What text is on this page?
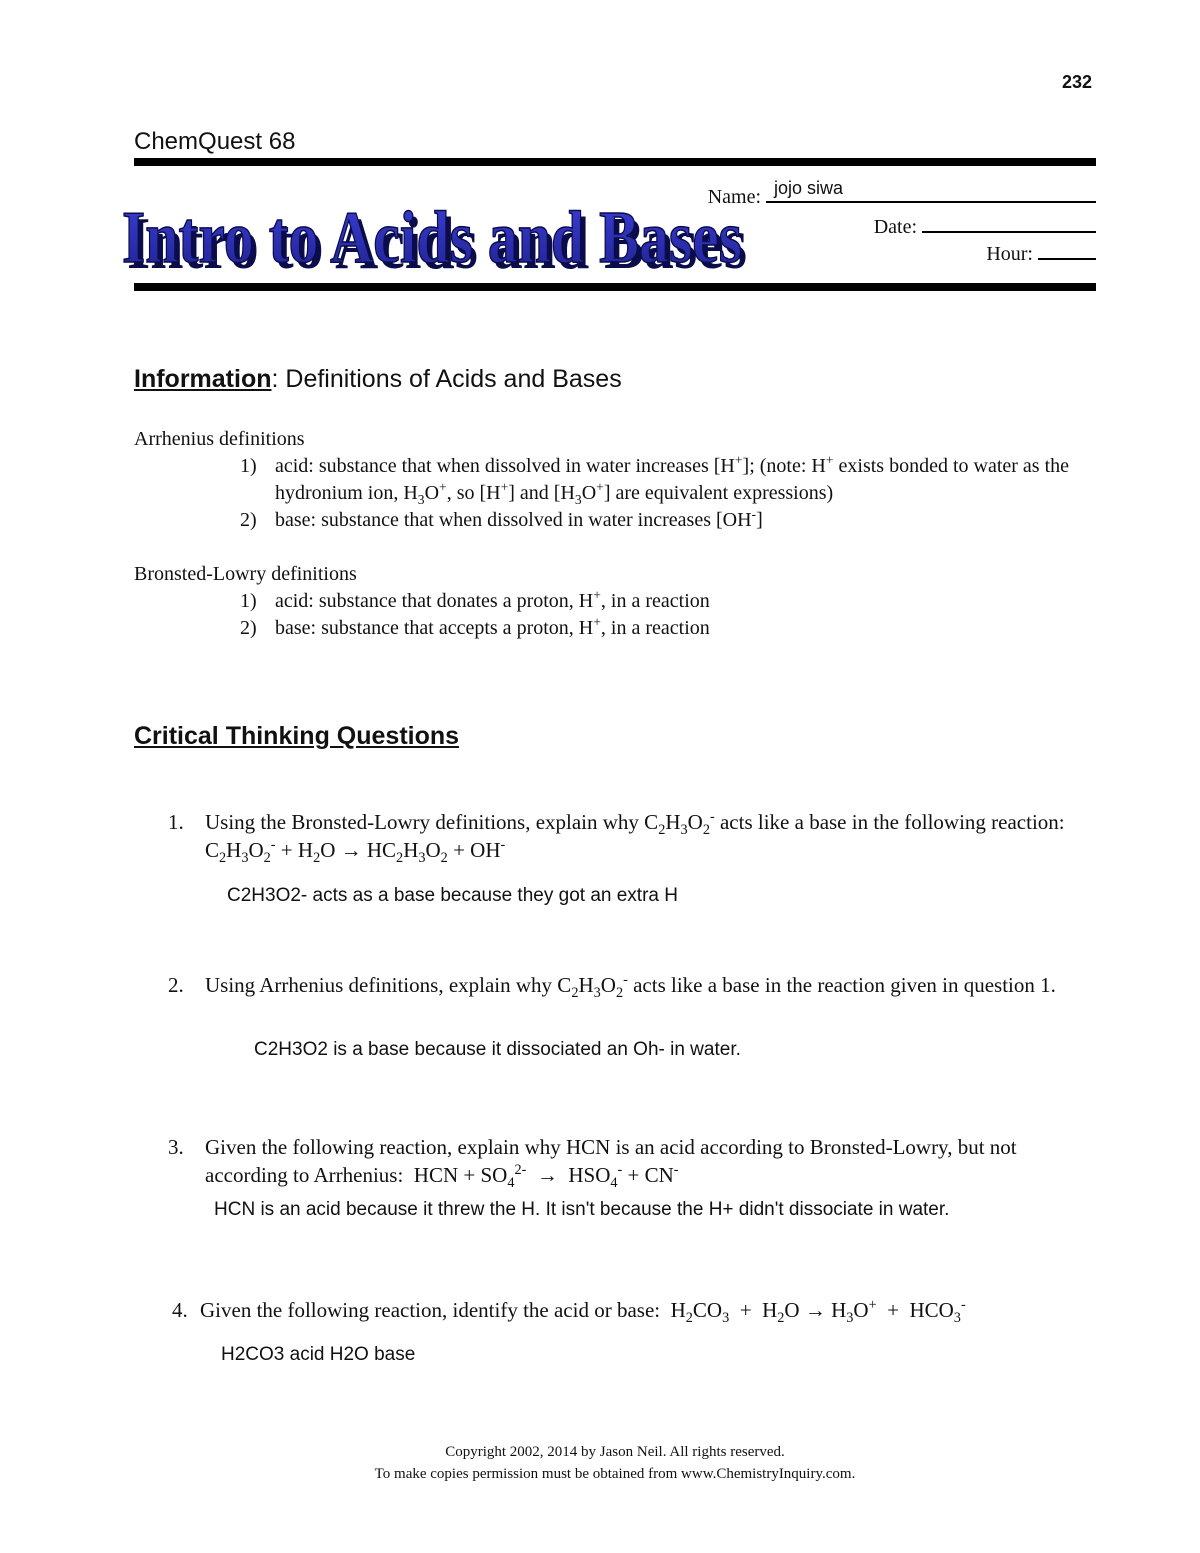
232
ChemQuest 68
Intro to Acids and Bases
Intro to Acids and Bases
Name: jojo siwa
Date:
Hour:
Information: Definitions of Acids and Bases
Arrhenius definitions
1) acid: substance that when dissolved in water increases [H+]; (note: H+ exists bonded to water as the hydronium ion, $H_3O^+$, so [H+] and $[H_3O^+]$ are equivalent expressions)
2) base: substance that when dissolved in water increases [OH-]
Bronsted-Lowry definitions
1) acid: substance that donates a proton, H+, in a reaction
2) base: substance that accepts a proton, H+, in a reaction
Critical Thinking Questions
1. Using the Bronsted-Lowry definitions, explain why $C_2H_3O_2^-$ acts like a base in the following reaction:  $C_2H_3O_2^- + H_2O \to HC_2H_3O_2 + OH^-$
C2H3O2- acts as a base because they got an extra H
2. Using Arrhenius definitions, explain why $C_2H_3O_2^-$ acts like a base in the reaction given in question 1.
C2H3O2 is a base because it dissociated an Oh- in water.
3. Given the following reaction, explain why HCN is an acid according to Bronsted-Lowry, but not according to Arrhenius:  HCN + $SO_4^{2-} \to HSO_4^- + CN^-$
HCN is an acid because it threw the H. It isn't because the H+ didn't dissociate in water.
4. Given the following reaction, identify the acid or base:  $H_2CO_3 + H_2O \to H_3O^+ + HCO_3^-$
H2CO3 acid H2O base
Copyright 2002, 2014 by Jason Neil. All rights reserved.
To make copies permission must be obtained from www.ChemistryInquiry.com.
